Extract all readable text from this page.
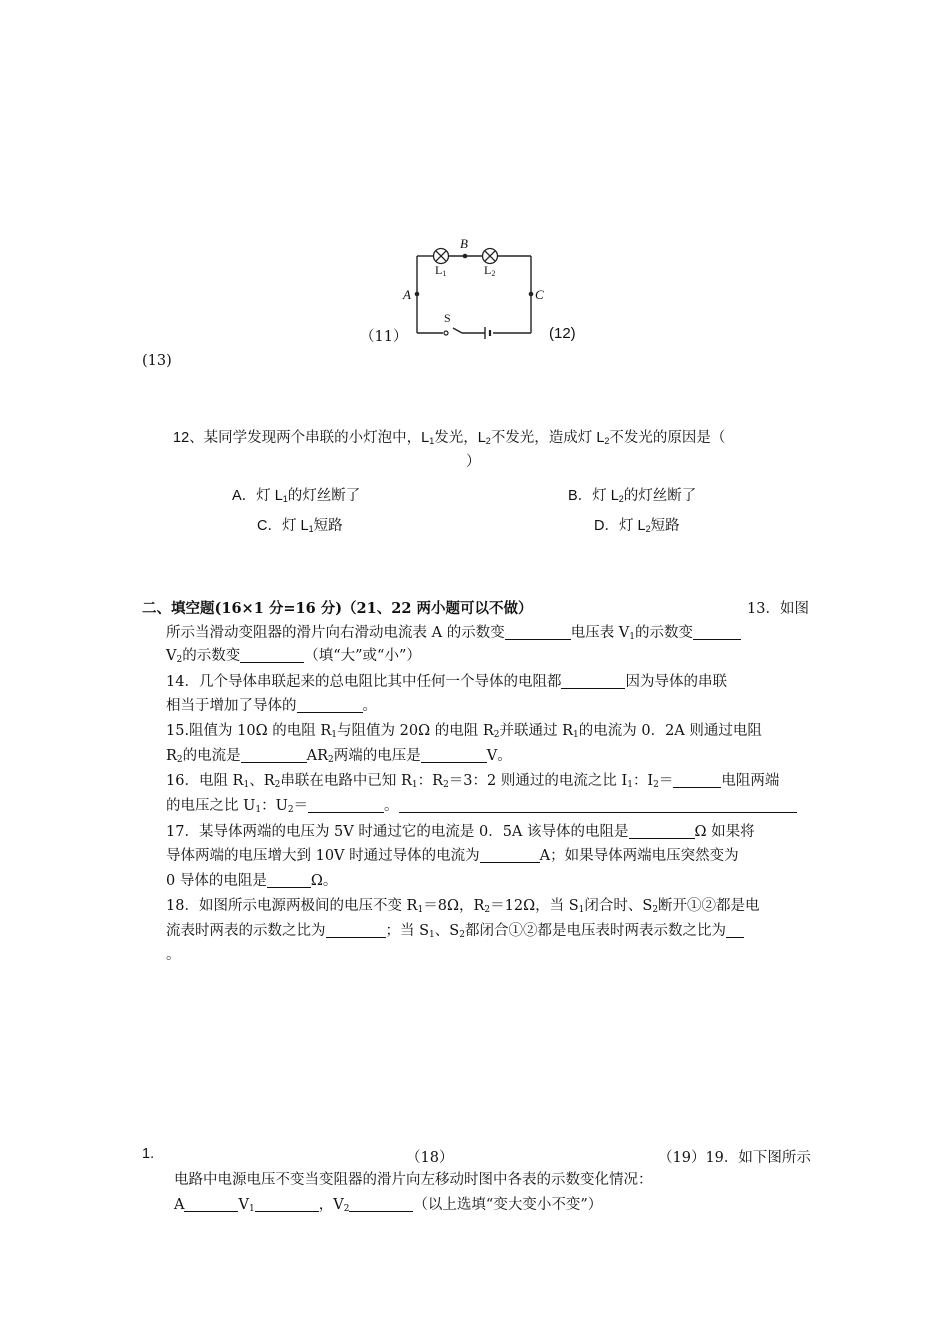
B
A	C
S
L1	L2
（11）	(12)
(13)
12、某同学发现两个串联的小灯泡中，$L_1$发光，$L_2$不发光，造成灯 $L_2$不发光的原因是（
）
A．灯 $L_1$的灯丝断了	B．灯 $L_2$的灯丝断了
C．灯 $L_1$短路	D．灯 $L_2$短路
二、填空题(16×1 分=16 分)（21、22 两小题可以不做）	13．如图
所示当滑动变阻器的滑片向右滑动电流表 A 的示数变	电压表 $V_1$的示数变
$V_2$的示数变	（填“大”或“小”）
14．几个导体串联起来的总电阻比其中任何一个导体的电阻都	因为导体的串联
相当于增加了导体的	。
15.阻值为 10Ω 的电阻 $R_1$与阻值为 20Ω 的电阻 $R_2$并联通过 $R_1$的电流为 0．2A 则通过电阻
$R_2$的电流是	$AR_2$两端的电压是	V。
16．电阻 $R_1$、$R_2$串联在电路中已知 $R_1$：$R_2=3$：2 则通过的电流之比 $I_1$：$I_2=$	电阻两端
的电压之比 $U_1$：$U_2=$	。
17．某导体两端的电压为 5V 时通过它的电流是 0．5A 该导体的电阻是	Ω 如果将
导体两端的电压增大到 10V 时通过导体的电流为	A；如果导体两端电压突然变为
0 导体的电阻是	Ω。
18．如图所示电源两极间的电压不变 $R_1=8\Omega$，$R_2=12\Omega$，当 $S_1$闭合时、$S_2$断开①②都是电
流表时两表的示数之比为	；当 $S_1$、$S_2$都闭合①②都是电压表时两表示数之比为
。
1.	（18）	（19）19．如下图所示
电路中电源电压不变当变阻器的滑片向左移动时图中各表的示数变化情况：
A	$V_1$	，$V_2$	（以上选填“变大变小不变”）
